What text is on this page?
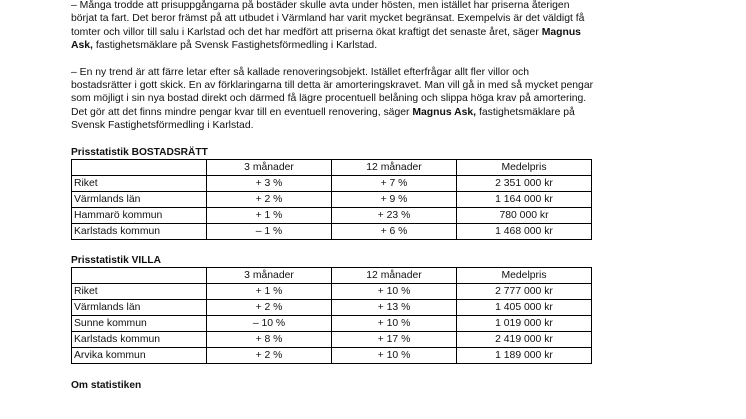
– Många trodde att prisuppgångarna på bostäder skulle avta under hösten, men istället har priserna återigen

börjat ta fart. Det beror främst på att utbudet i Värmland har varit mycket begränsat. Exempelvis är det väldigt få

tomter och villor till salu i Karlstad och det har medfört att priserna ökat kraftigt det senaste året, säger Magnus

Ask, fastighetsmäklare på Svensk Fastighetsförmedling i Karlstad.

– En ny trend är att färre letar efter så kallade renoveringsobjekt. Istället efterfrågar allt fler villor och

bostadsrätter i gott skick. En av förklaringarna till detta är amorteringskravet. Man vill gå in med så mycket pengar

som möjligt i sin nya bostad direkt och därmed få lägre procentuell belåning och slippa höga krav på amortering.

Det gör att det finns mindre pengar kvar till en eventuell renovering, säger Magnus Ask, fastighetsmäklare på

Svensk Fastighetsförmedling i Karlstad.

Prisstatistik BOSTADSRÄTT

	3 månader	12 månader	Medelpris
Riket	+ 3 %	+ 7 %	2 351 000 kr
Värmlands län	+ 2 %	+ 9 %	1 164 000 kr
Hammarö kommun	+ 1 %	+ 23 %	780 000 kr
Karlstads kommun	– 1 %	+ 6 %	1 468 000 kr

Prisstatistik VILLA

	3 månader	12 månader	Medelpris
Riket	+ 1 %	+ 10 %	2 777 000 kr
Värmlands län	+ 2 %	+ 13 %	1 405 000 kr
Sunne kommun	– 10 %	+ 10 %	1 019 000 kr
Karlstads kommun	+ 8 %	+ 17 %	2 419 000 kr
Arvika kommun	+ 2 %	+ 10 %	1 189 000 kr

Om statistiken
